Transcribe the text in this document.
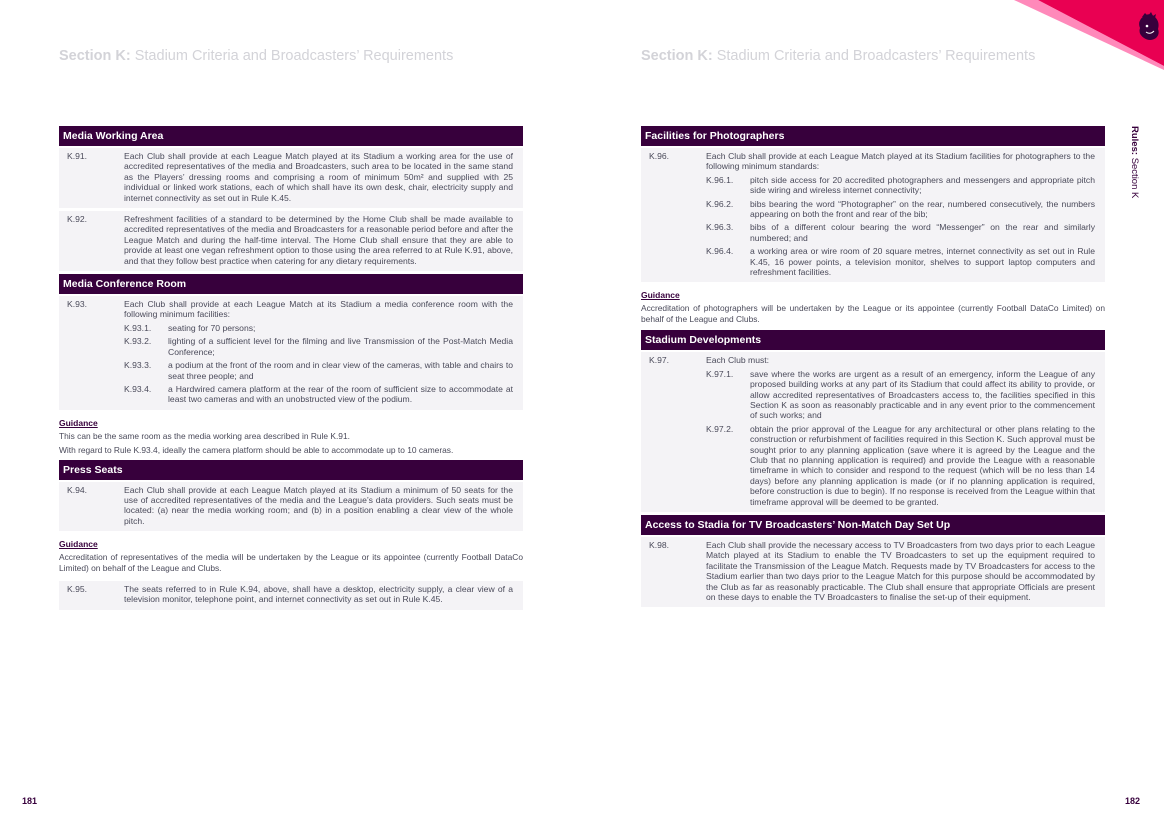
Section K: Stadium Criteria and Broadcasters’ Requirements	Section K: Stadium Criteria and Broadcasters’ Requirements
Rules: Section K
Media Working Area
K.91.	Each Club shall provide at each League Match played at its Stadium a working area for the use of accredited representatives of the media and Broadcasters, such area to be located in the same stand as the Players’ dressing rooms and comprising a room of minimum 50m² and supplied with 25 individual or linked work stations, each of which shall have its own desk, chair, electricity supply and internet connectivity as set out in Rule K.45.
K.92.	Refreshment facilities of a standard to be determined by the Home Club shall be made available to accredited representatives of the media and Broadcasters for a reasonable period before and after the League Match and during the half-time interval. The Home Club shall ensure that they are able to provide at least one vegan refreshment option to those using the area referred to at Rule K.91, above, and that they follow best practice when catering for any dietary requirements.
Media Conference Room
K.93.	Each Club shall provide at each League Match at its Stadium a media conference room with the following minimum facilities:
K.93.1.	seating for 70 persons;
K.93.2.	lighting of a sufficient level for the filming and live Transmission of the Post-Match Media Conference;
K.93.3.	a podium at the front of the room and in clear view of the cameras, with table and chairs to seat three people; and
K.93.4.	a Hardwired camera platform at the rear of the room of sufficient size to accommodate at least two cameras and with an unobstructed view of the podium.
Guidance

This can be the same room as the media working area described in Rule K.91.

With regard to Rule K.93.4, ideally the camera platform should be able to accommodate up to 10 cameras.

Press Seats
K.94.	Each Club shall provide at each League Match played at its Stadium a minimum of 50 seats for the use of accredited representatives of the media and the League’s data providers. Such seats must be located: (a) near the media working room; and (b) in a position enabling a clear view of the whole pitch.
Guidance

Accreditation of representatives of the media will be undertaken by the League or its appointee (currently Football DataCo Limited) on behalf of the League and Clubs.

K.95.	The seats referred to in Rule K.94, above, shall have a desktop, electricity supply, a clear view of a television monitor, telephone point, and internet connectivity as set out in Rule K.45.
Facilities for Photographers
K.96.	Each Club shall provide at each League Match played at its Stadium facilities for photographers to the following minimum standards:
K.96.1.	pitch side access for 20 accredited photographers and messengers and appropriate pitch side wiring and wireless internet connectivity;
K.96.2.	bibs bearing the word “Photographer” on the rear, numbered consecutively, the numbers appearing on both the front and rear of the bib;
K.96.3.	bibs of a different colour bearing the word “Messenger” on the rear and similarly numbered; and
K.96.4.	a working area or wire room of 20 square metres, internet connectivity as set out in Rule K.45, 16 power points, a television monitor, shelves to support laptop computers and refreshment facilities.
Guidance

Accreditation of photographers will be undertaken by the League or its appointee (currently Football DataCo Limited) on behalf of the League and Clubs.

Stadium Developments
K.97.	Each Club must:
K.97.1.	save where the works are urgent as a result of an emergency, inform the League of any proposed building works at any part of its Stadium that could affect its ability to provide, or allow accredited representatives of Broadcasters access to, the facilities specified in this Section K as soon as reasonably practicable and in any event prior to the commencement of such works; and
K.97.2.	obtain the prior approval of the League for any architectural or other plans relating to the construction or refurbishment of facilities required in this Section K. Such approval must be sought prior to any planning application (save where it is agreed by the League and the Club that no planning application is required) and provide the League with a reasonable timeframe in which to consider and respond to the request (which will be no less than 14 days) before any planning application is made (or if no planning application is required, before construction is due to begin). If no response is received from the League within that timeframe approval will be deemed to be granted.
Access to Stadia for TV Broadcasters’ Non-Match Day Set Up
K.98.	Each Club shall provide the necessary access to TV Broadcasters from two days prior to each League Match played at its Stadium to enable the TV Broadcasters to set up the equipment required to facilitate the Transmission of the League Match. Requests made by TV Broadcasters for access to the Stadium earlier than two days prior to the League Match for this purpose should be accommodated by the Club as far as reasonably practicable. The Club shall ensure that appropriate Officials are present on these days to enable the TV Broadcasters to finalise the set-up of their equipment.
181	182
